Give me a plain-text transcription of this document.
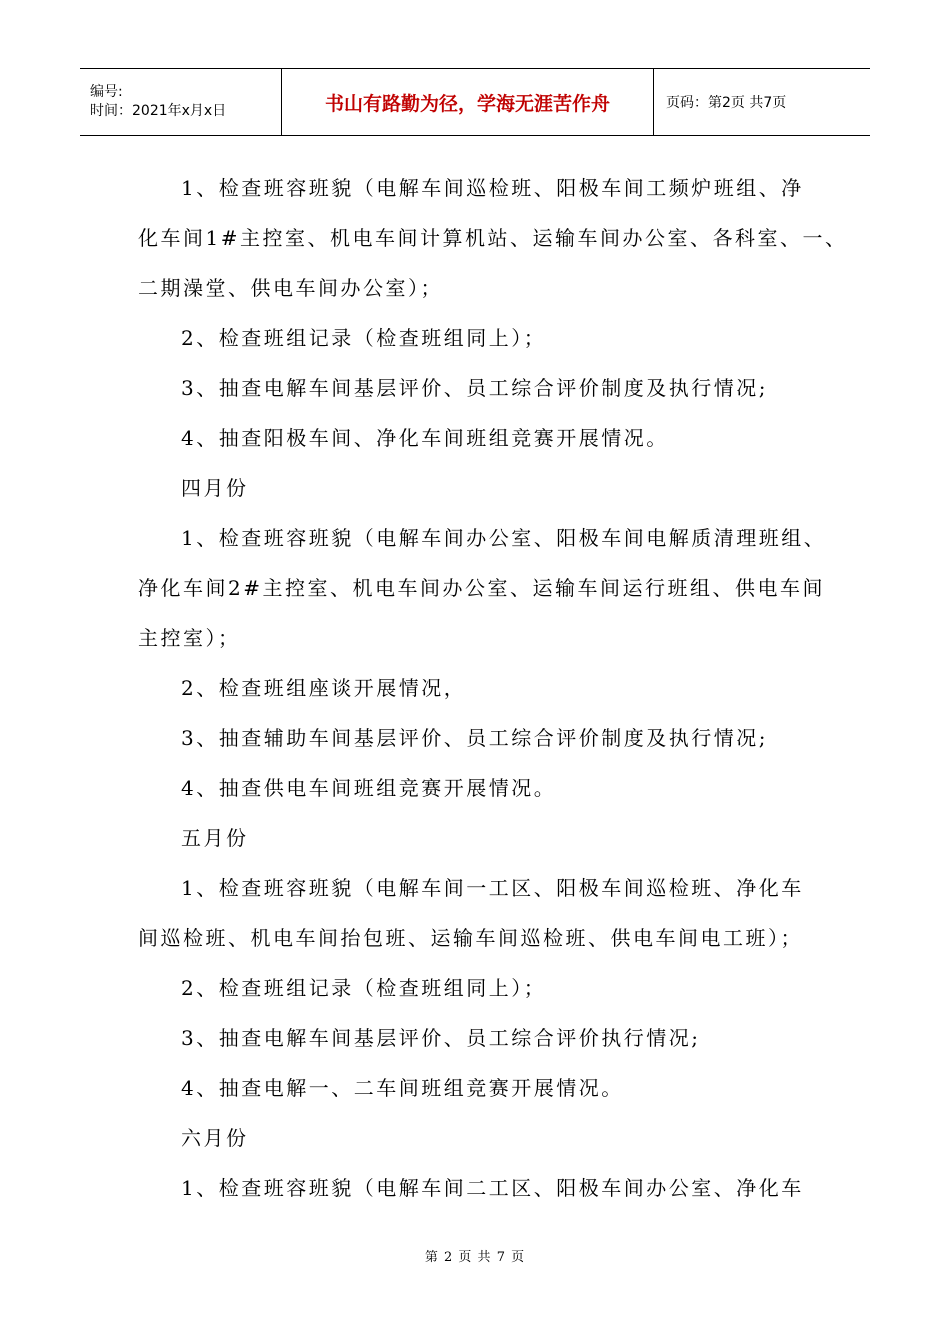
编号:
时间：2021年x月x日	书山有路勤为径，学海无涯苦作舟	页码：第2页 共7页
1、检查班容班貌（电解车间巡检班、阳极车间工频炉班组、净
化车间1#主控室、机电车间计算机站、运输车间办公室、各科室、一、
二期澡堂、供电车间办公室）；
2、检查班组记录（检查班组同上）；
3、抽查电解车间基层评价、员工综合评价制度及执行情况;
4、抽查阳极车间、净化车间班组竞赛开展情况。
四月份
1、检查班容班貌（电解车间办公室、阳极车间电解质清理班组、
净化车间2#主控室、机电车间办公室、运输车间运行班组、供电车间
主控室）；
2、检查班组座谈开展情况，
3、抽查辅助车间基层评价、员工综合评价制度及执行情况;
4、抽查供电车间班组竞赛开展情况。
五月份
1、检查班容班貌（电解车间一工区、阳极车间巡检班、净化车
间巡检班、机电车间抬包班、运输车间巡检班、供电车间电工班）；
2、检查班组记录（检查班组同上）；
3、抽查电解车间基层评价、员工综合评价执行情况;
4、抽查电解一、二车间班组竞赛开展情况。
六月份
1、检查班容班貌（电解车间二工区、阳极车间办公室、净化车
第 2 页 共 7 页
